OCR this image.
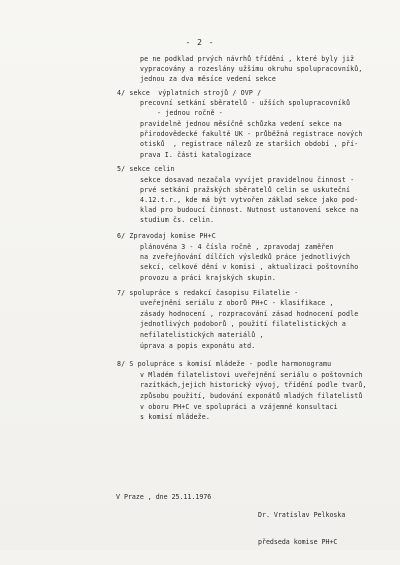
- 2 -
pe ne podklad prvých návrhů třídění , které byly již
vypracovány a rozeslány užšímu okruhu spolupracovníků,
jednou za dva měsíce vedení sekce
4/ sekce  výplatních strojů / OVP /
precovní setkání sběratelů - užších spolupracovníků
- jednou ročně -
pravidelně jednou měsíčně schůzka vedení sekce na
přírodovědecké fakultě UK - průběžná registrace nových
otisků  , registrace nálezů ze starších období , pří-
prava I. části katalogizace
5/ sekce celin
sekce dosavad nezačala vyvíjet pravidelnou činnost -
prvé setkání pražských sběratelů celin se uskuteční
4.12.t.r., kde má být vytvořen základ sekce jako pod-
klad pro budoucí činnost. Nutnost ustanovení sekce na
studium čs. celin.
6/ Zpravodaj komise PH+C
plánovéna 3 - 4 čísla ročně , zpravodaj zaměřen
na zveřejňování dílčích výsledků práce jednotlivých
sekcí, celkové dění v komisi , aktualizaci poštovního
provozu a práci krajských skupin.
7/ spolupráce s redakcí časopisu Filatelie -
uveřejnění seriálu z oborů PH+C - klasifikace ,
zásady hodnocení , rozpracování zásad hodnocení podle
jednotlivých podoborů , použití filatelistických a
nefilatelistických materiálů ,
úprava a popis exponátu atd.
8/ S polupráce s komisí mládeže - podle harmonogramu
v Mladém filatelistovi uveřejnění seriálu o poštovních
razítkách,jejich historický vývoj, třídění podle tvarů,
způsobu použití, budování exponátů mladých filatelistů
v oboru PH+C ve spolupráci a vzájemné konsultaci
s komisí mládeže.
V Praze , dne 25.11.1976

Dr. Vratislav Pelkoska

předseda komise PH+C
